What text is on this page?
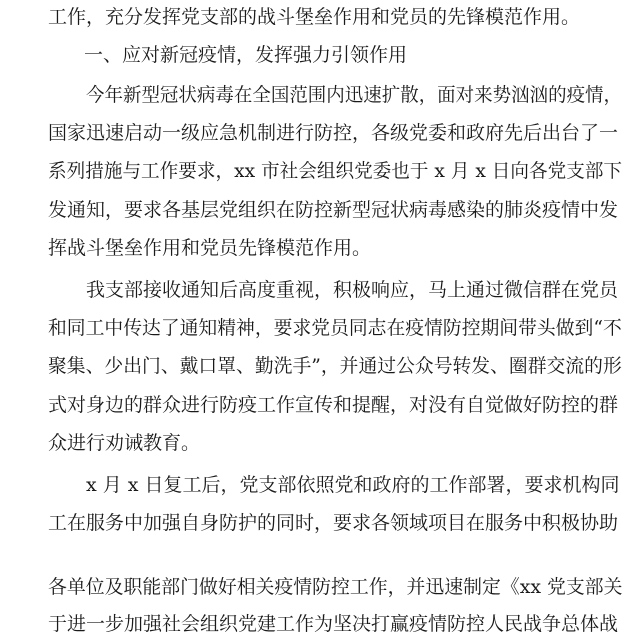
工作，充分发挥党支部的战斗堡垒作用和党员的先锋模范作用。
一、应对新冠疫情，发挥强力引领作用
今年新型冠状病毒在全国范围内迅速扩散，面对来势汹汹的疫情，
国家迅速启动一级应急机制进行防控，各级党委和政府先后出台了一
系列措施与工作要求，xx 市社会组织党委也于 x 月 x 日向各党支部下
发通知，要求各基层党组织在防控新型冠状病毒感染的肺炎疫情中发
挥战斗堡垒作用和党员先锋模范作用。
我支部接收通知后高度重视，积极响应，马上通过微信群在党员
和同工中传达了通知精神，要求党员同志在疫情防控期间带头做到“不
聚集、少出门、戴口罩、勤洗手”，并通过公众号转发、圈群交流的形
式对身边的群众进行防疫工作宣传和提醒，对没有自觉做好防控的群
众进行劝诫教育。
x 月 x 日复工后，党支部依照党和政府的工作部署，要求机构同
工在服务中加强自身防护的同时，要求各领域项目在服务中积极协助
各单位及职能部门做好相关疫情防控工作，并迅速制定《xx 党支部关
于进一步加强社会组织党建工作为坚决打赢疫情防控人民战争总体战
